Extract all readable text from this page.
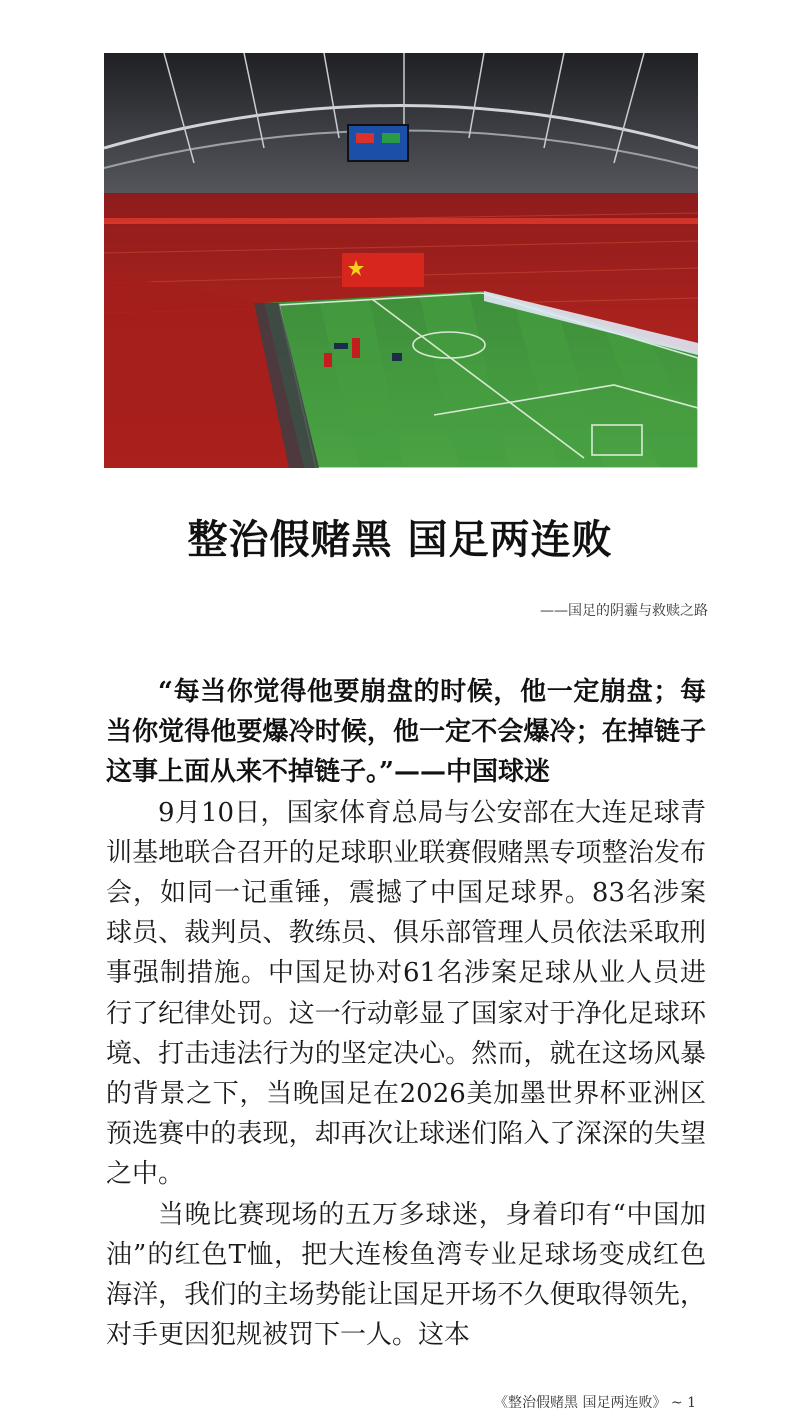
整治假赌黑 国足两连败
——国足的阴霾与救赎之路

“每当你觉得他要崩盘的时候，他一定崩盘；每当你觉得他要爆冷时候，他一定不会爆冷；在掉链子这事上面从来不掉链子。”——中国球迷

9月10日，国家体育总局与公安部在大连足球青训基地联合召开的足球职业联赛假赌黑专项整治发布会，如同一记重锤，震撼了中国足球界。83名涉案球员、裁判员、教练员、俱乐部管理人员依法采取刑事强制措施。中国足协对61名涉案足球从业人员进行了纪律处罚。这一行动彰显了国家对于净化足球环境、打击违法行为的坚定决心。然而，就在这场风暴的背景之下，当晚国足在2026美加墨世界杯亚洲区预选赛中的表现，却再次让球迷们陷入了深深的失望之中。

当晚比赛现场的五万多球迷，身着印有“中国加油”的红色T恤，把大连梭鱼湾专业足球场变成红色海洋，我们的主场势能让国足开场不久便取得领先，对手更因犯规被罚下一人。这本

《整治假赌黑 国足两连败》 ~ 1
